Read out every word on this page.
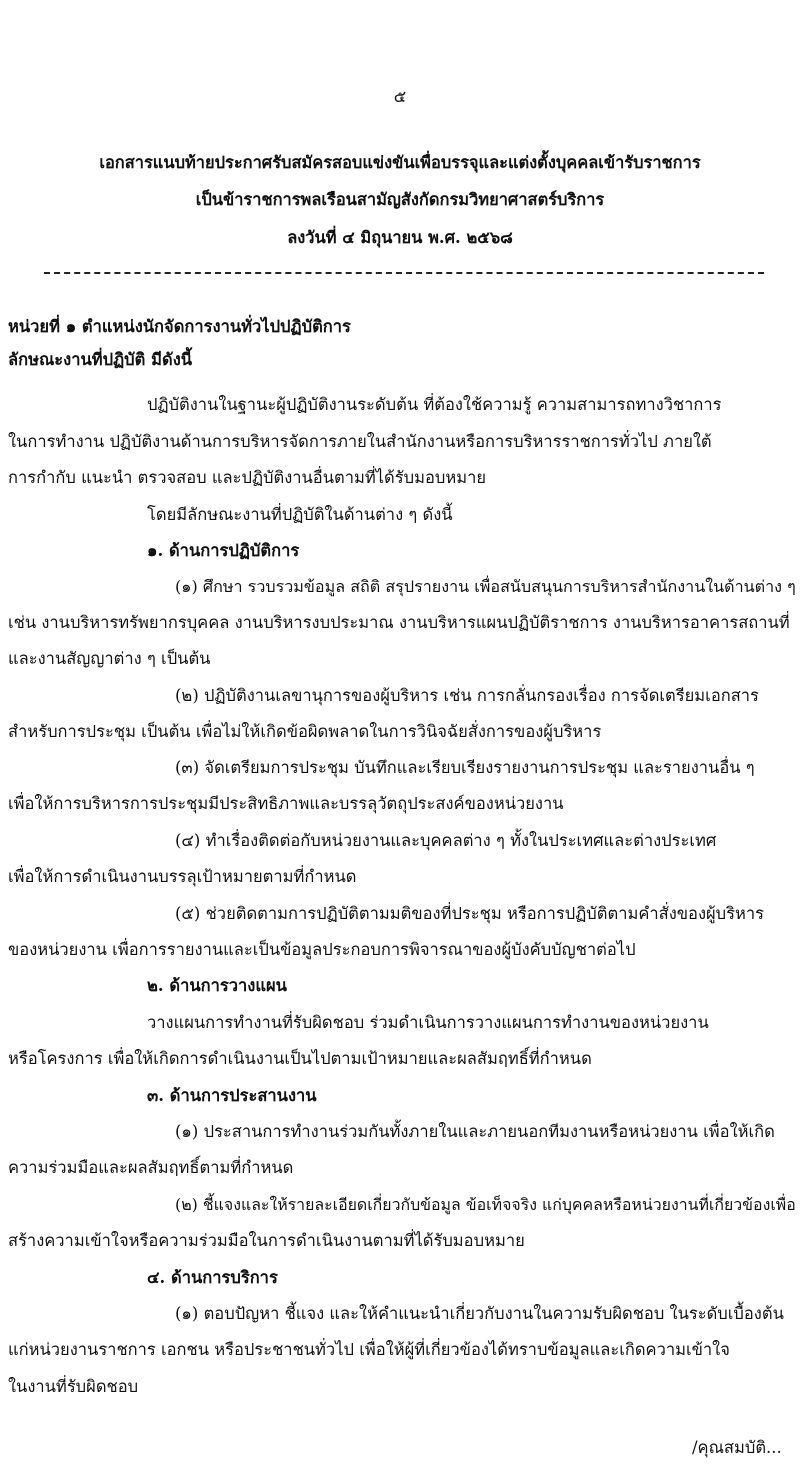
๕
เอกสารแนบท้ายประกาศรับสมัครสอบแข่งขันเพื่อบรรจุและแต่งตั้งบุคคลเข้ารับราชการ
เป็นข้าราชการพลเรือนสามัญสังกัดกรมวิทยาศาสตร์บริการ
ลงวันที่ ๔ มิถุนายน พ.ศ. ๒๕๖๘
หน่วยที่ ๑ ตำแหน่งนักจัดการงานทั่วไปปฏิบัติการ
ลักษณะงานที่ปฏิบัติ มีดังนี้
ปฏิบัติงานในฐานะผู้ปฏิบัติงานระดับต้น ที่ต้องใช้ความรู้ ความสามารถทางวิชาการ
ในการทำงาน ปฏิบัติงานด้านการบริหารจัดการภายในสำนักงานหรือการบริหารราชการทั่วไป ภายใต้
การกำกับ แนะนำ ตรวจสอบ และปฏิบัติงานอื่นตามที่ได้รับมอบหมาย
โดยมีลักษณะงานที่ปฏิบัติในด้านต่าง ๆ ดังนี้
๑. ด้านการปฏิบัติการ
(๑) ศึกษา รวบรวมข้อมูล สถิติ สรุปรายงาน เพื่อสนับสนุนการบริหารสำนักงานในด้านต่าง ๆ
เช่น งานบริหารทรัพยากรบุคคล งานบริหารงบประมาณ งานบริหารแผนปฏิบัติราชการ งานบริหารอาคารสถานที่
และงานสัญญาต่าง ๆ เป็นต้น
(๒) ปฏิบัติงานเลขานุการของผู้บริหาร เช่น การกลั่นกรองเรื่อง การจัดเตรียมเอกสาร
สำหรับการประชุม เป็นต้น เพื่อไม่ให้เกิดข้อผิดพลาดในการวินิจฉัยสั่งการของผู้บริหาร
(๓) จัดเตรียมการประชุม บันทึกและเรียบเรียงรายงานการประชุม และรายงานอื่น ๆ
เพื่อให้การบริหารการประชุมมีประสิทธิภาพและบรรลุวัตถุประสงค์ของหน่วยงาน
(๔) ทำเรื่องติดต่อกับหน่วยงานและบุคคลต่าง ๆ ทั้งในประเทศและต่างประเทศ
เพื่อให้การดำเนินงานบรรลุเป้าหมายตามที่กำหนด
(๕) ช่วยติดตามการปฏิบัติตามมติของที่ประชุม หรือการปฏิบัติตามคำสั่งของผู้บริหาร
ของหน่วยงาน เพื่อการรายงานและเป็นข้อมูลประกอบการพิจารณาของผู้บังคับบัญชาต่อไป
๒. ด้านการวางแผน
วางแผนการทำงานที่รับผิดชอบ ร่วมดำเนินการวางแผนการทำงานของหน่วยงาน
หรือโครงการ เพื่อให้เกิดการดำเนินงานเป็นไปตามเป้าหมายและผลสัมฤทธิ์ที่กำหนด
๓. ด้านการประสานงาน
(๑) ประสานการทำงานร่วมกันทั้งภายในและภายนอกทีมงานหรือหน่วยงาน เพื่อให้เกิด
ความร่วมมือและผลสัมฤทธิ์ตามที่กำหนด
(๒) ชี้แจงและให้รายละเอียดเกี่ยวกับข้อมูล ข้อเท็จจริง แก่บุคคลหรือหน่วยงานที่เกี่ยวข้องเพื่อ
สร้างความเข้าใจหรือความร่วมมือในการดำเนินงานตามที่ได้รับมอบหมาย
๔. ด้านการบริการ
(๑) ตอบปัญหา ชี้แจง และให้คำแนะนำเกี่ยวกับงานในความรับผิดชอบ ในระดับเบื้องต้น
แก่หน่วยงานราชการ เอกชน หรือประชาชนทั่วไป เพื่อให้ผู้ที่เกี่ยวข้องได้ทราบข้อมูลและเกิดความเข้าใจ
ในงานที่รับผิดชอบ
/คุณสมบัติ...
